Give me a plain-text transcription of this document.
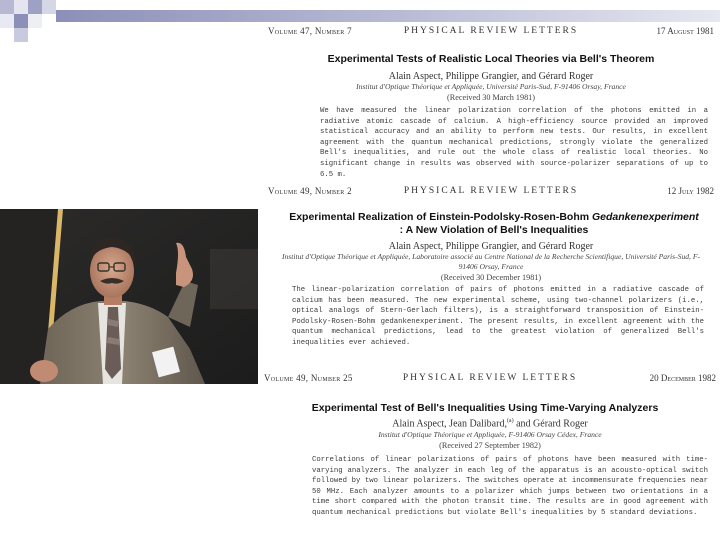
Volume 47, Number 7	PHYSICAL REVIEW LETTERS	17 August 1981
Experimental Tests of Realistic Local Theories via Bell's Theorem
Alain Aspect, Philippe Grangier, and Gérard Roger
Institut d'Optique Théorique et Appliquée, Université Paris-Sud, F-91406 Orsay, France
(Received 30 March 1981)
We have measured the linear polarization correlation of the photons emitted in a radiative atomic cascade of calcium. A high-efficiency source provided an improved statistical accuracy and an ability to perform new tests. Our results, in excellent agreement with the quantum mechanical predictions, strongly violate the generalized Bell's inequalities, and rule out the whole class of realistic local theories. No significant change in results was observed with source-polarizer separations of up to 6.5 m.
Volume 49, Number 2	PHYSICAL REVIEW LETTERS	12 July 1982
Experimental Realization of Einstein-Podolsky-Rosen-Bohm Gedankenexperiment
: A New Violation of Bell's Inequalities
Alain Aspect, Philippe Grangier, and Gérard Roger
Institut d'Optique Théorique et Appliquée, Laboratoire associé au Centre National de la Recherche Scientifique, Université Paris-Sud, F-91406 Orsay, France
(Received 30 December 1981)
The linear-polarization correlation of pairs of photons emitted in a radiative cascade of calcium has been measured. The new experimental scheme, using two-channel polarizers (i.e., optical analogs of Stern-Gerlach filters), is a straightforward transposition of Einstein-Podolsky-Rosen-Bohm gedankenexperiment. The present results, in excellent agreement with the quantum mechanical predictions, lead to the greatest violation of generalized Bell's inequalities ever achieved.
Volume 49, Number 25	PHYSICAL REVIEW LETTERS	20 December 1982
Experimental Test of Bell's Inequalities Using Time-Varying Analyzers
Alain Aspect, Jean Dalibard,$^{(a)}$ and Gérard Roger
Institut d'Optique Théorique et Appliquée, F-91406 Orsay Cédex, France
(Received 27 September 1982)
Correlations of linear polarizations of pairs of photons have been measured with time-varying analyzers. The analyzer in each leg of the apparatus is an acousto-optical switch followed by two linear polarizers. The switches operate at incommensurate frequencies near 50 MHz. Each analyzer amounts to a polarizer which jumps between two orientations in a time short compared with the photon transit time. The results are in good agreement with quantum mechanical predictions but violate Bell's inequalities by 5 standard deviations.
